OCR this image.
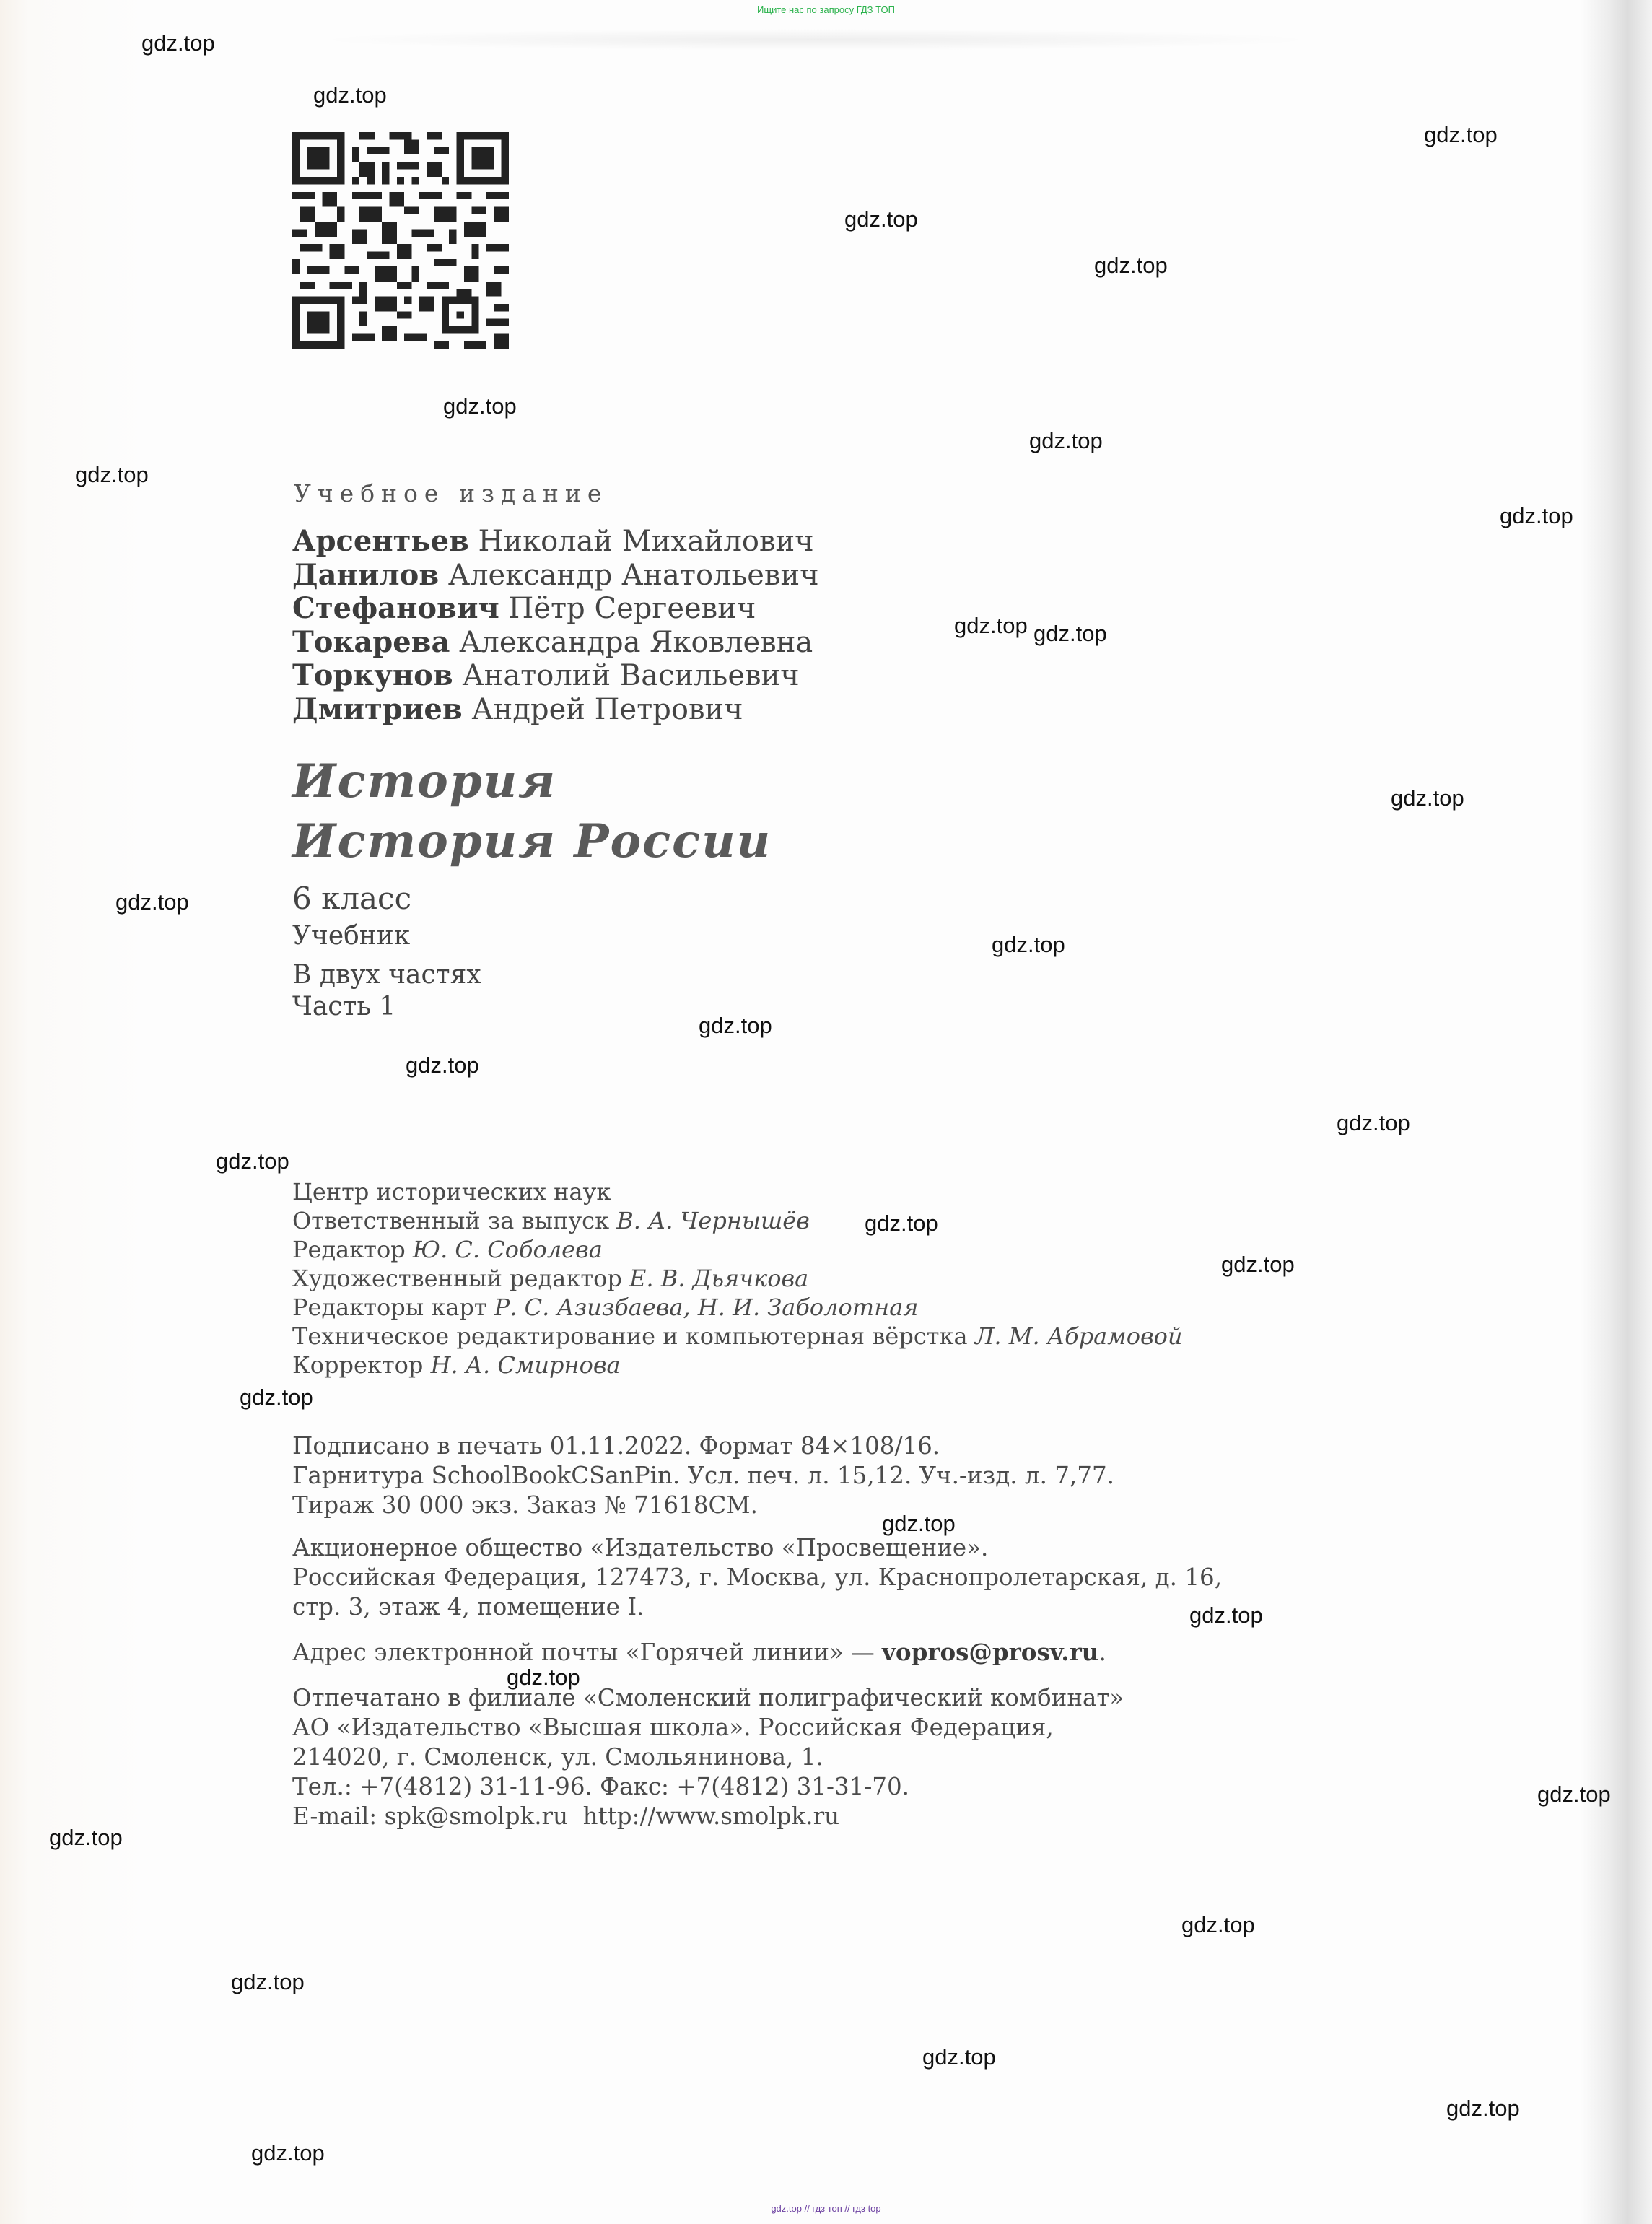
Ищите нас по запросу ГДЗ ТОП
gdz.top
gdz.top
gdz.top
gdz.top
gdz.top
gdz.top
gdz.top
gdz.top
gdz.top
gdz.top
gdz.top
gdz.top
gdz.top
gdz.top
gdz.top
gdz.top
gdz.top
gdz.top
gdz.top
gdz.top
gdz.top
gdz.top
gdz.top
gdz.top
gdz.top
gdz.top
gdz.top
gdz.top
gdz.top
gdz.top
gdz.top
Учебное издание
Арсентьев Николай Михайлович
Данилов Александр Анатольевич
Стефанович Пётр Сергеевич
Токарева Александра Яковлевна
Торкунов Анатолий Васильевич
Дмитриев Андрей Петрович
История
История России
6 класс
Учебник
В двух частях
Часть 1
Центр исторических наук
Ответственный за выпуск В. А. Чернышёв
Редактор Ю. С. Соболева
Художественный редактор Е. В. Дьячкова
Редакторы карт Р. С. Азизбаева, Н. И. Заболотная
Техническое редактирование и компьютерная вёрстка Л. М. Абрамовой
Корректор Н. А. Смирнова
Подписано в печать 01.11.2022. Формат 84×108/16.
Гарнитура SchoolBookCSanPin. Усл. печ. л. 15,12. Уч.-изд. л. 7,77.
Тираж 30 000 экз. Заказ № 71618СМ.
Акционерное общество «Издательство «Просвещение».
Российская Федерация, 127473, г. Москва, ул. Краснопролетарская, д. 16,
стр. 3, этаж 4, помещение I.
Адрес электронной почты «Горячей линии» — vopros@prosv.ru.
Отпечатано в филиале «Смоленский полиграфический комбинат»
АО «Издательство «Высшая школа». Российская Федерация,
214020, г. Смоленск, ул. Смольянинова, 1.
Тел.: +7(4812) 31-11-96. Факс: +7(4812) 31-31-70.
E-mail: spk@smolpk.ru  http://www.smolpk.ru
gdz.top // гдз топ // гдз top
